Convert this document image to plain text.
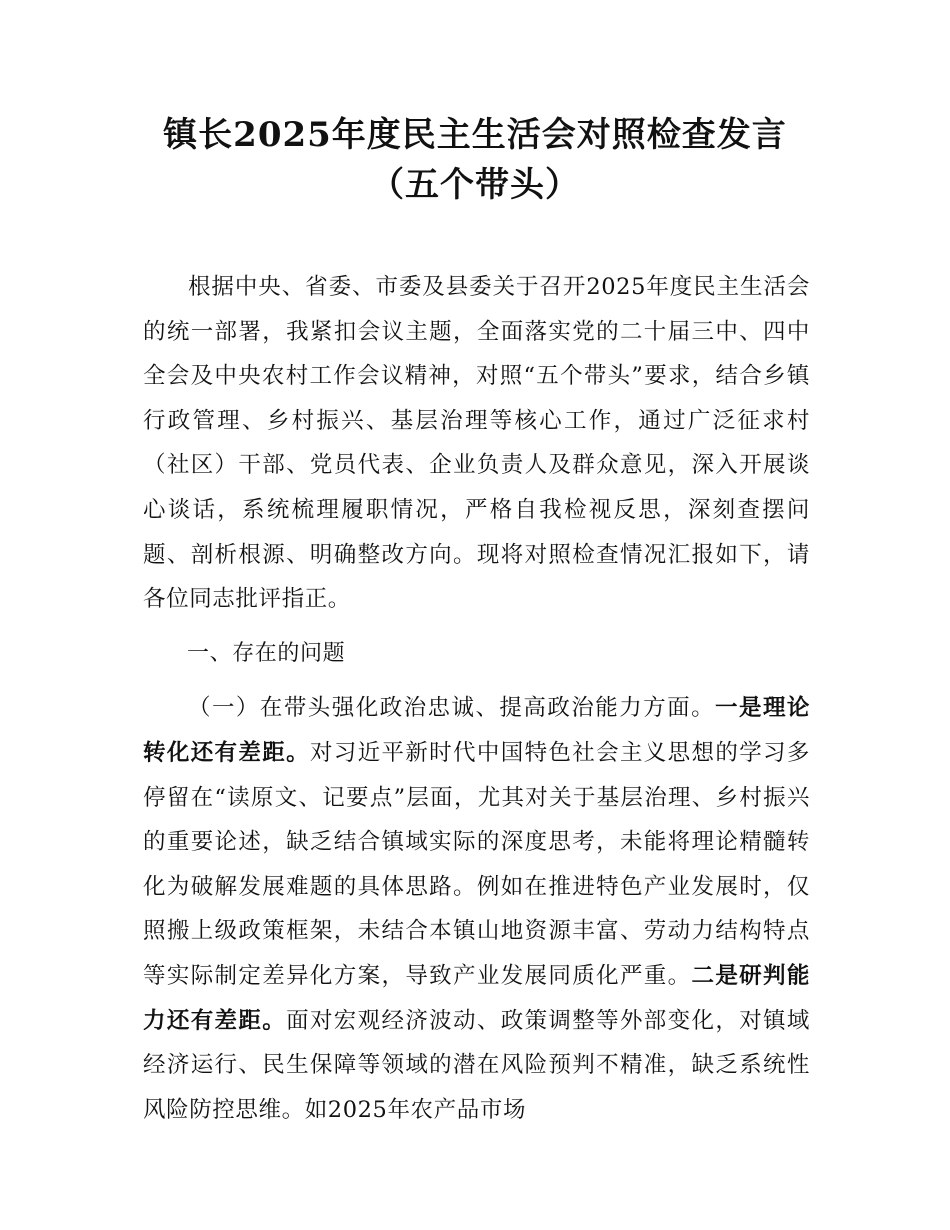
镇长2025年度民主生活会对照检查发言（五个带头）

根据中央、省委、市委及县委关于召开2025年度民主生活会的统一部署，我紧扣会议主题，全面落实党的二十届三中、四中全会及中央农村工作会议精神，对照“五个带头”要求，结合乡镇行政管理、乡村振兴、基层治理等核心工作，通过广泛征求村（社区）干部、党员代表、企业负责人及群众意见，深入开展谈心谈话，系统梳理履职情况，严格自我检视反思，深刻查摆问题、剖析根源、明确整改方向。现将对照检查情况汇报如下，请各位同志批评指正。

一、存在的问题

（一）在带头强化政治忠诚、提高政治能力方面。一是理论转化还有差距。对习近平新时代中国特色社会主义思想的学习多停留在“读原文、记要点”层面，尤其对关于基层治理、乡村振兴的重要论述，缺乏结合镇域实际的深度思考，未能将理论精髓转化为破解发展难题的具体思路。例如在推进特色产业发展时，仅照搬上级政策框架，未结合本镇山地资源丰富、劳动力结构特点等实际制定差异化方案，导致产业发展同质化严重。二是研判能力还有差距。面对宏观经济波动、政策调整等外部变化，对镇域经济运行、民生保障等领域的潜在风险预判不精准，缺乏系统性风险防控思维。如2025年农产品市场
